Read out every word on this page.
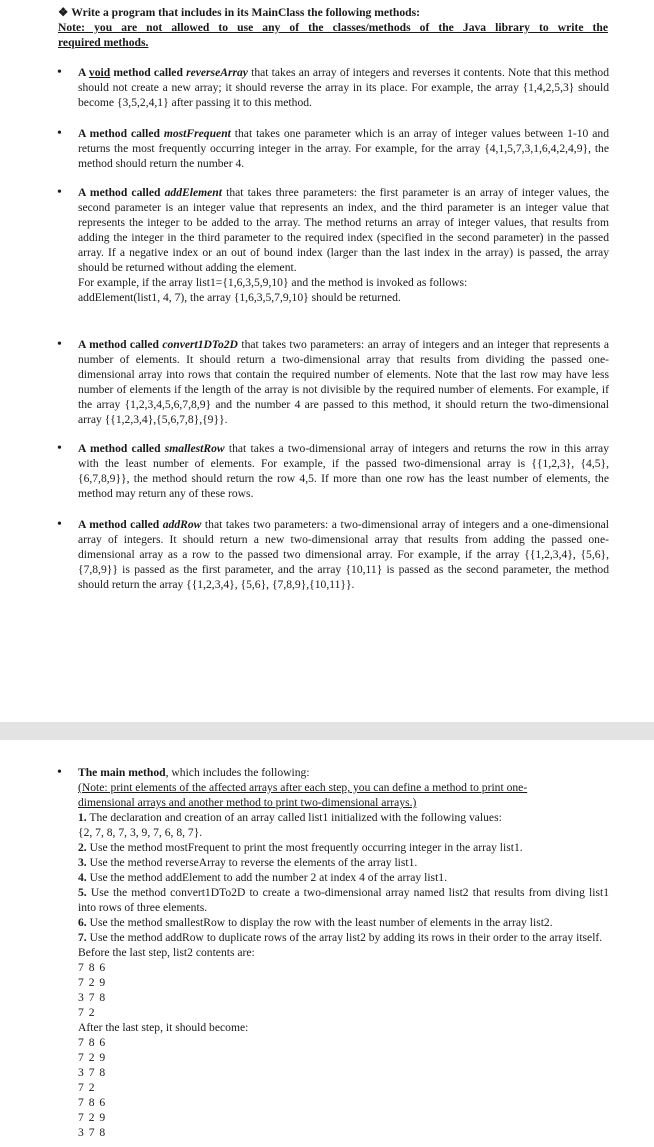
❖ Write a program that includes in its MainClass the following methods:
Note: you are not allowed to use any of the classes/methods of the Java library to write the
required methods.
• A void method called reverseArray that takes an array of integers and reverses it contents. Note that this method should not create a new array; it should reverse the array in its place. For example, the array {1,4,2,5,3} should become {3,5,2,4,1} after passing it to this method.
• A method called mostFrequent that takes one parameter which is an array of integer values between 1-10 and returns the most frequently occurring integer in the array. For example, for the array {4,1,5,7,3,1,6,4,2,4,9}, the method should return the number 4.
• A method called addElement that takes three parameters: the first parameter is an array of integer values, the second parameter is an integer value that represents an index, and the third parameter is an integer value that represents the integer to be added to the array. The method returns an array of integer values, that results from adding the integer in the third parameter to the required index (specified in the second parameter) in the passed array. If a negative index or an out of bound index (larger than the last index in the array) is passed, the array should be returned without adding the element.
For example, if the array list1={1,6,3,5,9,10} and the method is invoked as follows:
addElement(list1, 4, 7), the array {1,6,3,5,7,9,10} should be returned.
• A method called convert1DTo2D that takes two parameters: an array of integers and an integer that represents a number of elements. It should return a two-dimensional array that results from dividing the passed one-dimensional array into rows that contain the required number of elements. Note that the last row may have less number of elements if the length of the array is not divisible by the required number of elements. For example, if the array {1,2,3,4,5,6,7,8,9} and the number 4 are passed to this method, it should return the two-dimensional array {{1,2,3,4},{5,6,7,8},{9}}.
• A method called smallestRow that takes a two-dimensional array of integers and returns the row in this array with the least number of elements. For example, if the passed two-dimensional array is {{1,2,3}, {4,5}, {6,7,8,9}}, the method should return the row 4,5. If more than one row has the least number of elements, the method may return any of these rows.
• A method called addRow that takes two parameters: a two-dimensional array of integers and a one-dimensional array of integers. It should return a new two-dimensional array that results from adding the passed one-dimensional array as a row to the passed two dimensional array. For example, if the array {{1,2,3,4}, {5,6}, {7,8,9}} is passed as the first parameter, and the array {10,11} is passed as the second parameter, the method should return the array {{1,2,3,4}, {5,6}, {7,8,9},{10,11}}.
• The main method, which includes the following:
(Note: print elements of the affected arrays after each step, you can define a method to print one-
dimensional arrays and another method to print two-dimensional arrays.)
1. The declaration and creation of an array called list1 initialized with the following values:
{2, 7, 8, 7, 3, 9, 7, 6, 8, 7}.
2. Use the method mostFrequent to print the most frequently occurring integer in the array list1.
3. Use the method reverseArray to reverse the elements of the array list1.
4. Use the method addElement to add the number 2 at index 4 of the array list1.
5. Use the method convert1DTo2D to create a two-dimensional array named list2 that results from diving list1 into rows of three elements.
6. Use the method smallestRow to display the row with the least number of elements in the array list2.
7. Use the method addRow to duplicate rows of the array list2 by adding its rows in their order to the array itself.
Before the last step, list2 contents are:
7 8 6
7 2 9
3 7 8
7 2
After the last step, it should become:
7 8 6
7 2 9
3 7 8
7 2
7 8 6
7 2 9
3 7 8
